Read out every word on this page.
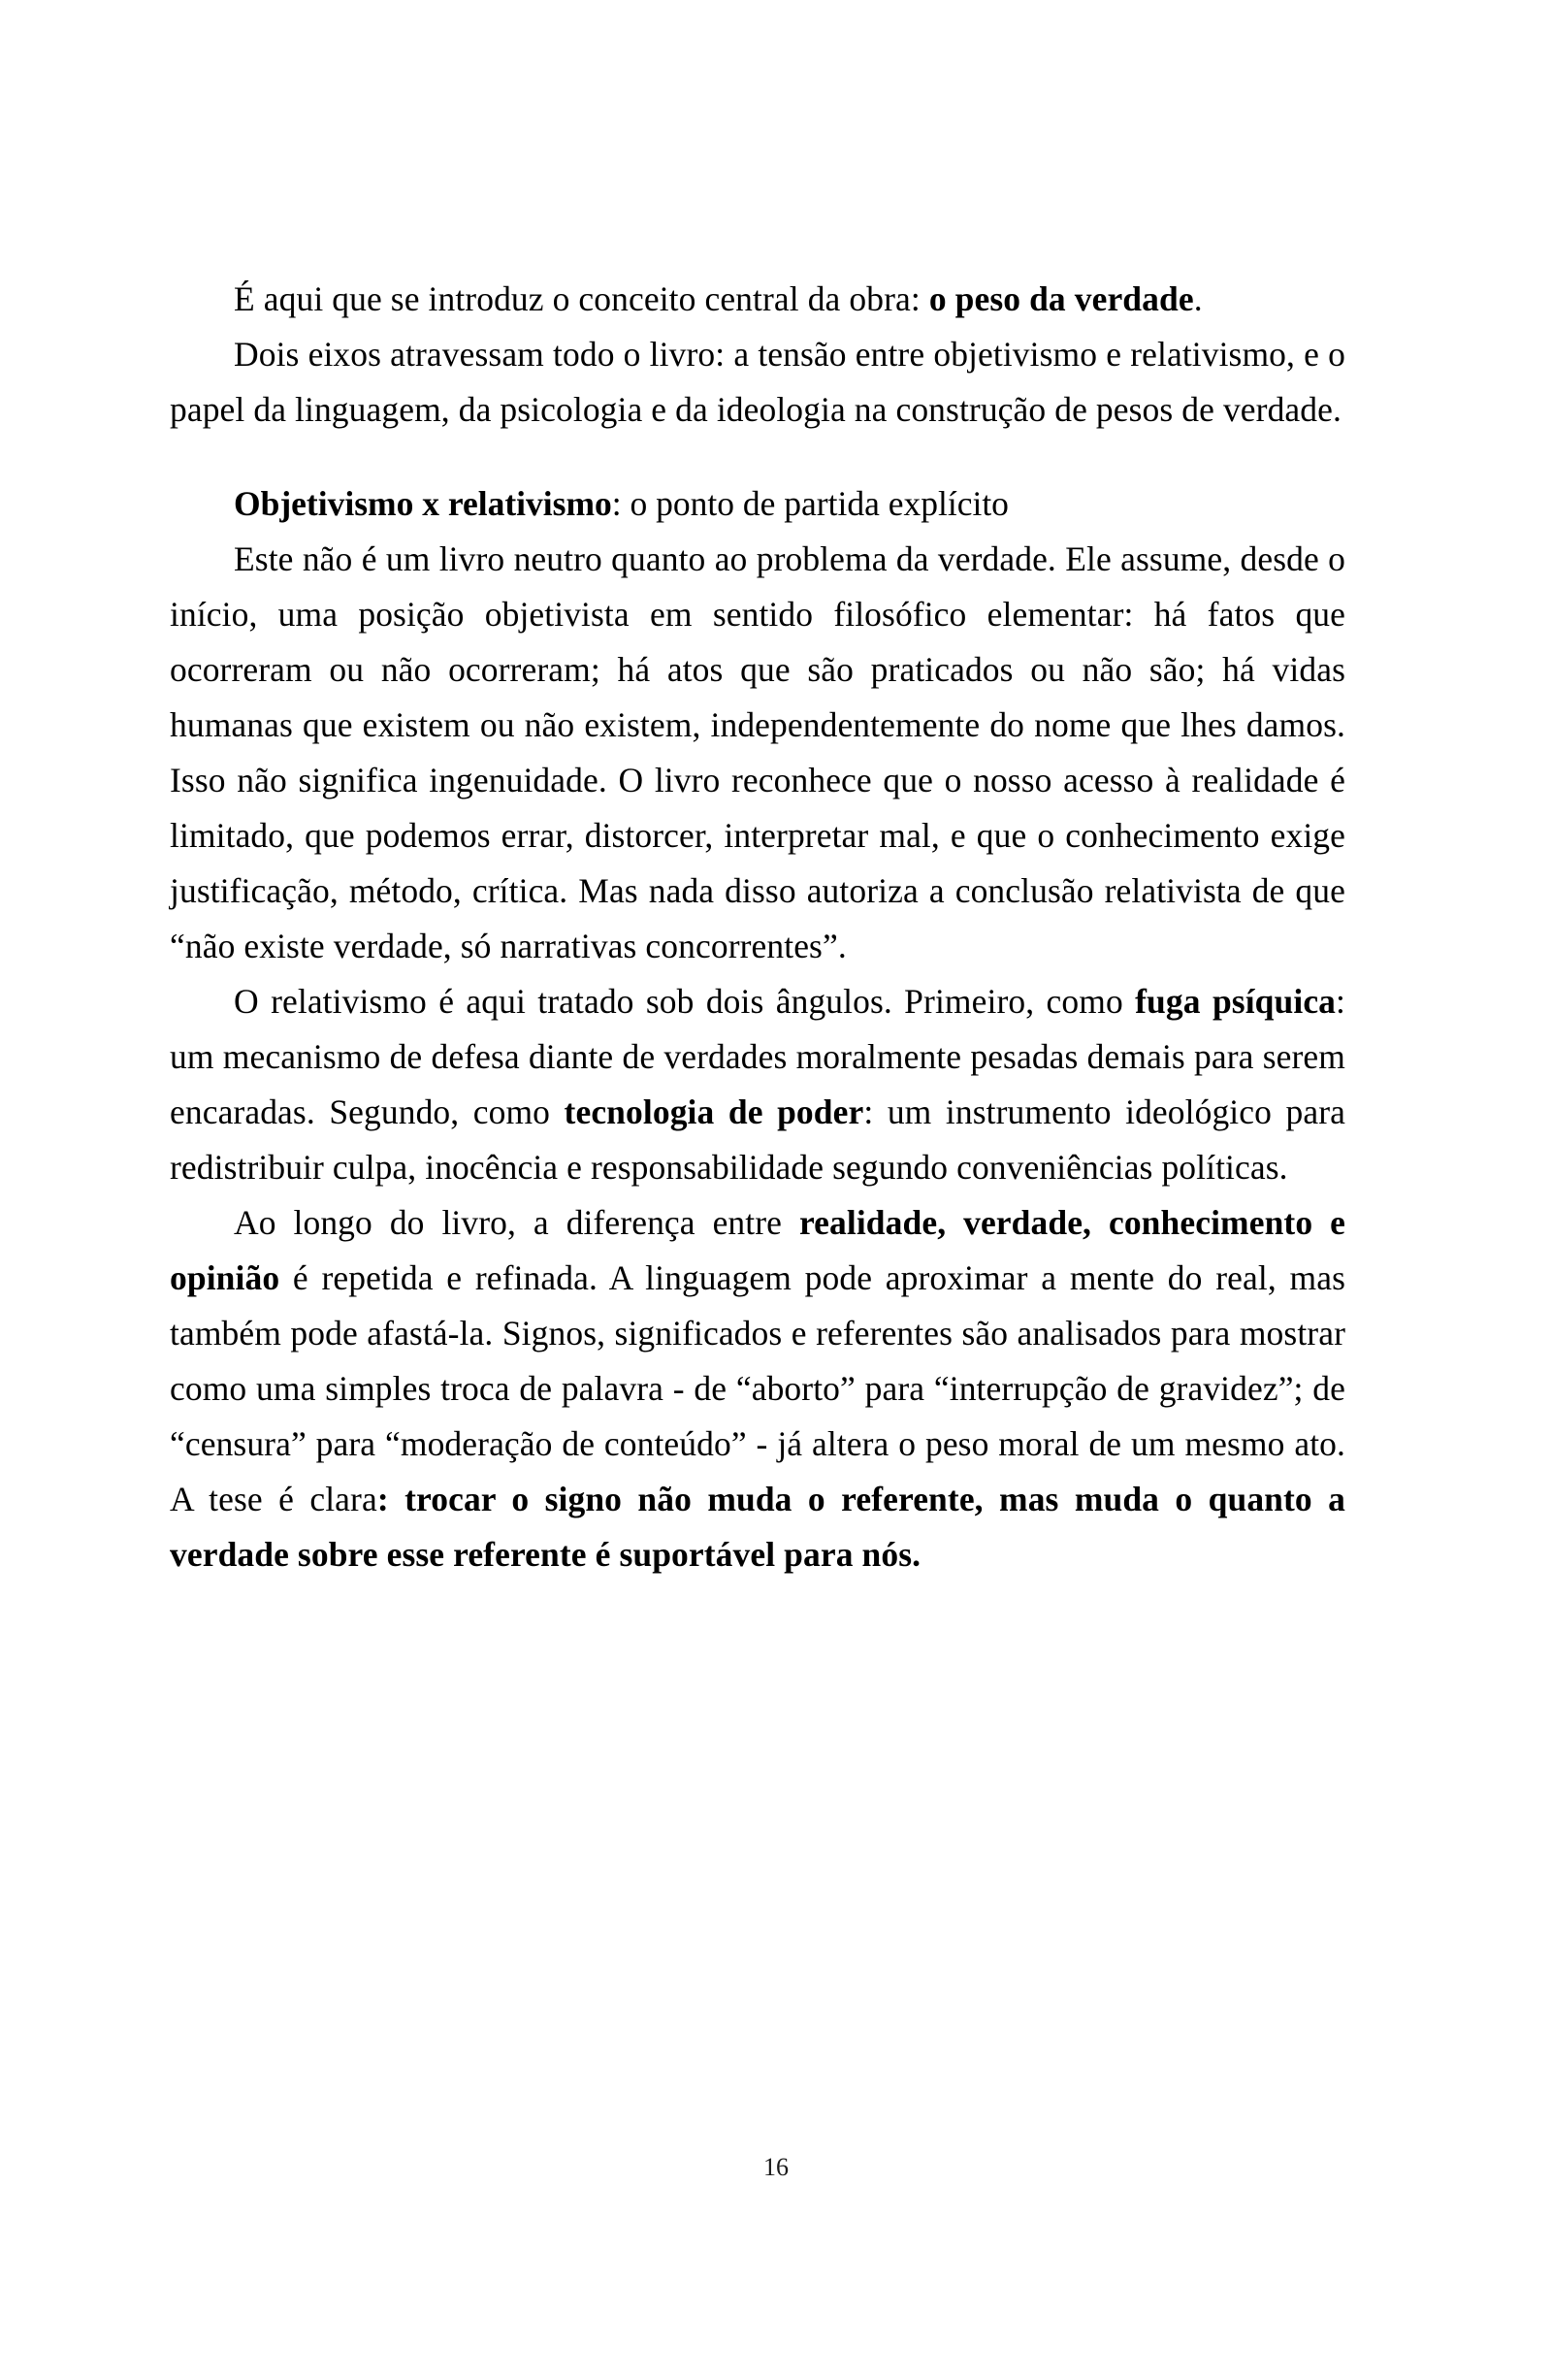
É aqui que se introduz o conceito central da obra: o peso da verdade.

Dois eixos atravessam todo o livro: a tensão entre objetivismo e relativismo, e o papel da linguagem, da psicologia e da ideologia na construção de pesos de verdade.

Objetivismo x relativismo: o ponto de partida explícito

Este não é um livro neutro quanto ao problema da verdade. Ele assume, desde o início, uma posição objetivista em sentido filosófico elementar: há fatos que ocorreram ou não ocorreram; há atos que são praticados ou não são; há vidas humanas que existem ou não existem, independentemente do nome que lhes damos. Isso não significa ingenuidade. O livro reconhece que o nosso acesso à realidade é limitado, que podemos errar, distorcer, interpretar mal, e que o conhecimento exige justificação, método, crítica. Mas nada disso autoriza a conclusão relativista de que “não existe verdade, só narrativas concorrentes”.

O relativismo é aqui tratado sob dois ângulos. Primeiro, como fuga psíquica: um mecanismo de defesa diante de verdades moralmente pesadas demais para serem encaradas. Segundo, como tecnologia de poder: um instrumento ideológico para redistribuir culpa, inocência e responsabilidade segundo conveniências políticas.

Ao longo do livro, a diferença entre realidade, verdade, conhecimento e opinião é repetida e refinada. A linguagem pode aproximar a mente do real, mas também pode afastá-la. Signos, significados e referentes são analisados para mostrar como uma simples troca de palavra - de “aborto” para “interrupção de gravidez”; de “censura” para “moderação de conteúdo” - já altera o peso moral de um mesmo ato. A tese é clara: trocar o signo não muda o referente, mas muda o quanto a verdade sobre esse referente é suportável para nós.

16
